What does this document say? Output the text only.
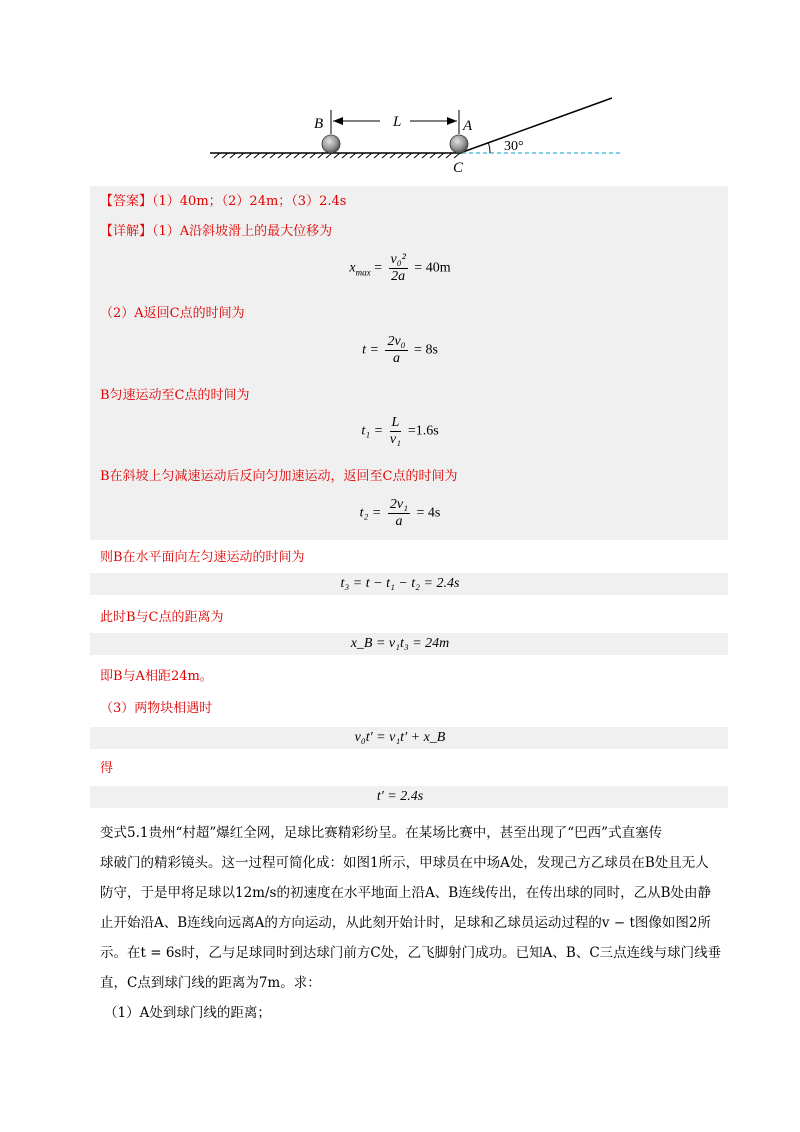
B	L	A
C
30°
【答案】（1）40m；（2）24m；（3）2.4s
【详解】（1）A沿斜坡滑上的最大位移为
$x_{max} = \frac{\text{v₀²}}{2a} = 40m$
（2）A返回C点的时间为
$t = \frac{\text{2v₀}}{a} = 8s$
B匀速运动至C点的时间为
$t_1 = \frac{L}{\text{v₁}} =1.6s$
B在斜坡上匀减速运动后反向匀加速运动，返回至C点的时间为
$t_2 = \frac{\text{2v₁}}{a} = 4s$
则B在水平面向左匀速运动的时间为
t₃ = t − t₁ − t₂ = 2.4s
此时B与C点的距离为
x_B = v₁t₃ = 24m
即B与A相距24m。
（3）两物块相遇时
v₀t′ = v₁t′ + x_B
得
t′ = 2.4s

变式5.1贵州“村超”爆红全网，足球比赛精彩纷呈。在某场比赛中，甚至出现了“巴西”式直塞传

球破门的精彩镜头。这一过程可简化成：如图1所示，甲球员在中场A处，发现己方乙球员在B处且无人

防守，于是甲将足球以12m/s的初速度在水平地面上沿A、B连线传出，在传出球的同时，乙从B处由静

止开始沿A、B连线向远离A的方向运动，从此刻开始计时，足球和乙球员运动过程的v − t图像如图2所

示。在t = 6s时，乙与足球同时到达球门前方C处，乙飞脚射门成功。已知A、B、C三点连线与球门线垂

直，C点到球门线的距离为7m。求：

（1）A处到球门线的距离；
